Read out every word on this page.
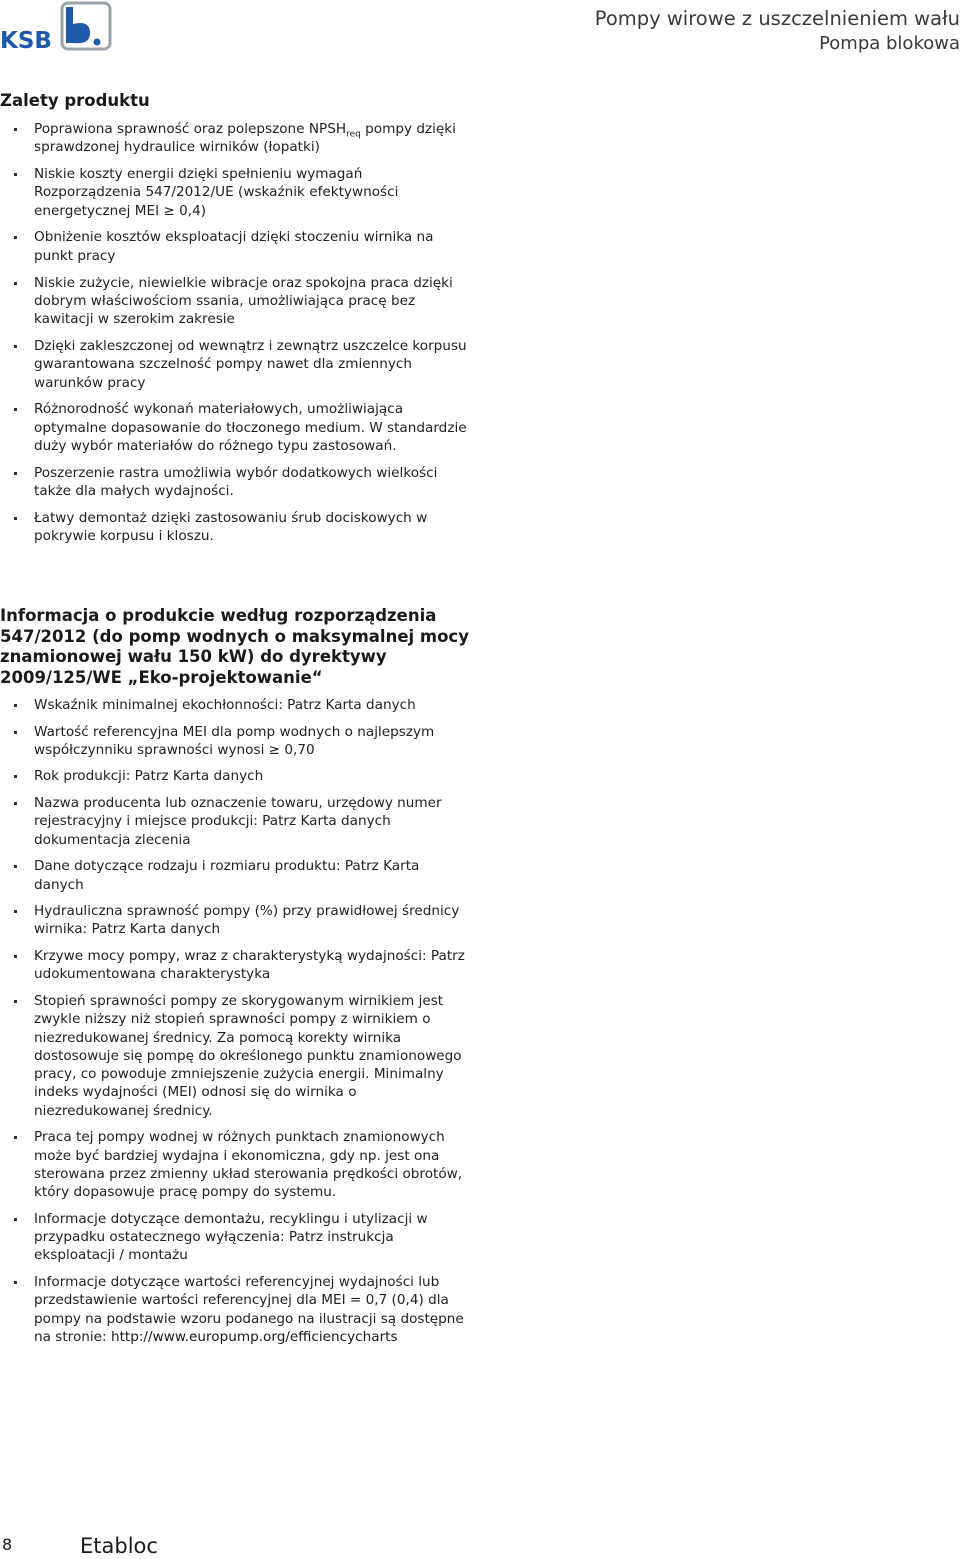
KSB
Pompy wirowe z uszczelnieniem wału
Pompa blokowa
Zalety produktu
Poprawiona sprawność oraz polepszone $NPSH_{req}$ pompy dzięki sprawdzonej hydraulice wirników (łopatki)
Niskie koszty energii dzięki spełnieniu wymagań Rozporządzenia 547/2012/UE (wskaźnik efektywności energetycznej MEI ≥ 0,4)
Obniżenie kosztów eksploatacji dzięki stoczeniu wirnika na punkt pracy
Niskie zużycie, niewielkie wibracje oraz spokojna praca dzięki dobrym właściwościom ssania, umożliwiająca pracę bez kawitacji w szerokim zakresie
Dzięki zakleszczonej od wewnątrz i zewnątrz uszczelce korpusu gwarantowana szczelność pompy nawet dla zmiennych warunków pracy
Różnorodność wykonań materiałowych, umożliwiająca optymalne dopasowanie do tłoczonego medium. W standardzie duży wybór materiałów do różnego typu zastosowań.
Poszerzenie rastra umożliwia wybór dodatkowych wielkości także dla małych wydajności.
Łatwy demontaż dzięki zastosowaniu śrub dociskowych w pokrywie korpusu i kloszu.
Informacja o produkcie według rozporządzenia 547/2012 (do pomp wodnych o maksymalnej mocy znamionowej wału 150 kW) do dyrektywy 2009/125/WE „Eko-projektowanie“
Wskaźnik minimalnej ekochłonności: Patrz Karta danych
Wartość referencyjna MEI dla pomp wodnych o najlepszym współczynniku sprawności wynosi ≥ 0,70
Rok produkcji: Patrz Karta danych
Nazwa producenta lub oznaczenie towaru, urzędowy numer rejestracyjny i miejsce produkcji: Patrz Karta danych dokumentacja zlecenia
Dane dotyczące rodzaju i rozmiaru produktu: Patrz Karta danych
Hydrauliczna sprawność pompy (%) przy prawidłowej średnicy wirnika: Patrz Karta danych
Krzywe mocy pompy, wraz z charakterystyką wydajności: Patrz udokumentowana charakterystyka
Stopień sprawności pompy ze skorygowanym wirnikiem jest zwykle niższy niż stopień sprawności pompy z wirnikiem o niezredukowanej średnicy. Za pomocą korekty wirnika dostosowuje się pompę do określonego punktu znamionowego pracy, co powoduje zmniejszenie zużycia energii. Minimalny indeks wydajności (MEI) odnosi się do wirnika o niezredukowanej średnicy.
Praca tej pompy wodnej w różnych punktach znamionowych może być bardziej wydajna i ekonomiczna, gdy np. jest ona sterowana przez zmienny układ sterowania prędkości obrotów, który dopasowuje pracę pompy do systemu.
Informacje dotyczące demontażu, recyklingu i utylizacji w przypadku ostatecznego wyłączenia: Patrz instrukcja eksploatacji / montażu
Informacje dotyczące wartości referencyjnej wydajności lub przedstawienie wartości referencyjnej dla MEI = 0,7 (0,4) dla pompy na podstawie wzoru podanego na ilustracji są dostępne na stronie: http://www.europump.org/efficiencycharts
8	Etabloc
